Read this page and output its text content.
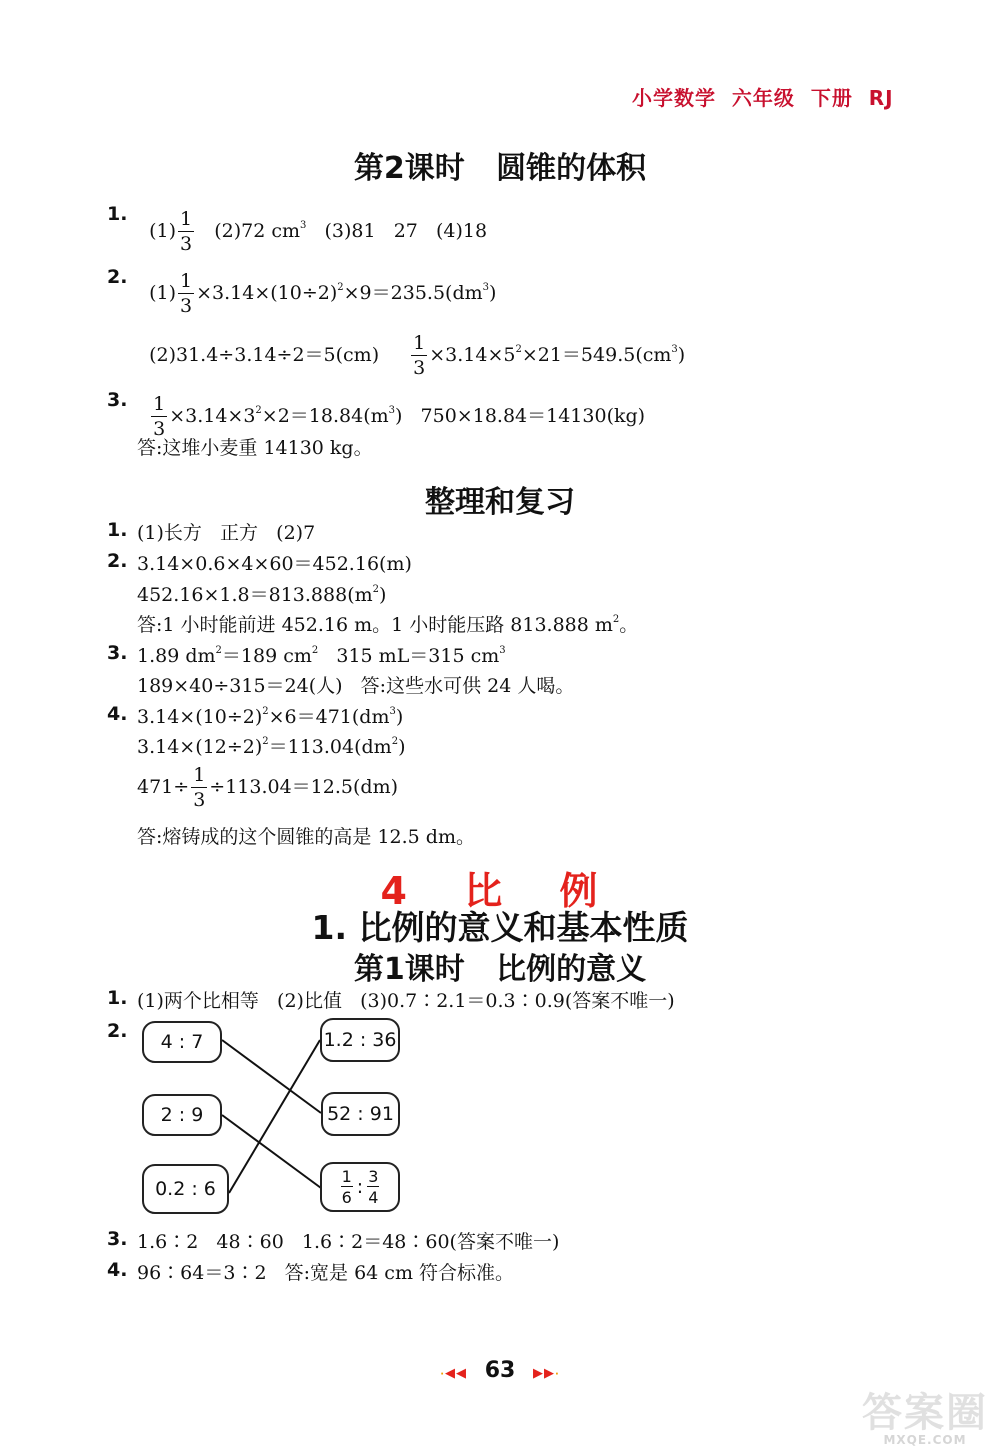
小学数学  六年级  下册  RJ
第2课时   圆锥的体积
1.

$(1) \frac{1}{3} (2)72$ $cm^3$   (3)81   27   (4)18

2.

$(1) \frac{1}{3} \times 3.14\times(10\div 2)^2\times 9=235.5(dm^3)$

$(2)31.4\div 3.14\div 2=5(cm) \frac{1}{3} \times 3.14\times 5^2\times 21=549.5(cm^3)$

3.

$\frac{1}{3} \times 3.14\times 3^2\times 2=18.84(m^3)$   750×18.84＝14130(kg)

答:这堆小麦重 14130 kg。
整理和复习
1. (1)长方   正方   (2)7
2. 3.14×0.6×4×60＝452.16(m)
$452.16\times 1.8=813.888(m^2)$
答:1 小时能前进 452.16 m。1 小时能压路 813.888 $m^2$。
3. 1.89 $dm^2=189$ $cm^2$   315 mL＝315 $cm^3$
189×40÷315＝24(人)   答:这些水可供 24 人喝。
4. $3.14\times(10\div 2)^2\times 6=471(dm^3)$
$3.14\times(12\div 2)^2=113.04(dm^2)$
$471\div \frac{1}{3} \div 113.04=12.5(dm)$
答:熔铸成的这个圆锥的高是 12.5 dm。
4 比 例
1. 比例的意义和基本性质
第1课时   比例的意义
1. (1)两个比相等   (2)比值   (3)0.7∶2.1＝0.3∶0.9(答案不唯一)
2.	4 : 7
2 : 9
0.2 : 6
1.2 : 36
52 : 91
$\frac{1}{6}$ : $\frac{3}{4}$
3. 1.6∶2   48∶60   1.6∶2＝48∶60(答案不唯一)
4. 96∶64＝3∶2   答:宽是 64 cm 符合标准。
·◀◀ 63 ▶▶·
答案圈
MXQE.COM
